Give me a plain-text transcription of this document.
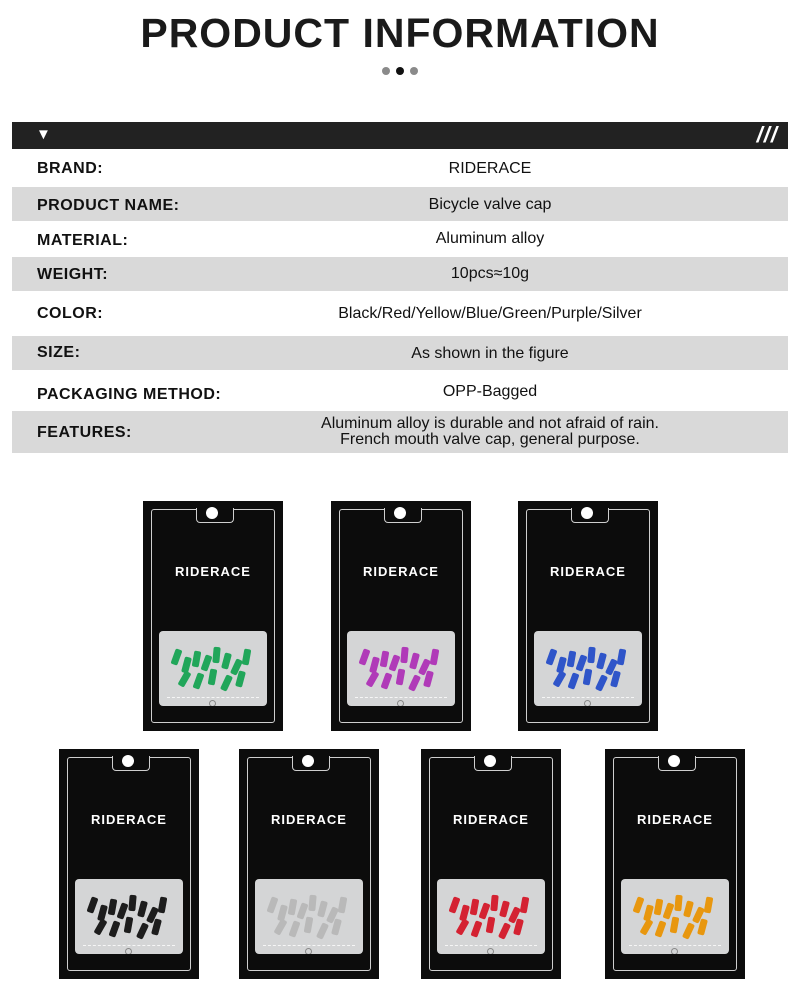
PRODUCT INFORMATION
▼	///
BRAND:	RIDERACE
PRODUCT NAME:	Bicycle valve cap
MATERIAL:	Aluminum alloy
WEIGHT:	10pcs≈10g
COLOR:	Black/Red/Yellow/Blue/Green/Purple/Silver
SIZE:	As shown in the figure
PACKAGING METHOD:	OPP-Bagged
FEATURES:
Aluminum alloy is durable and not afraid of rain.
French mouth valve cap, general purpose.
RIDERACE	RIDERACE	RIDERACE
RIDERACE	RIDERACE	RIDERACE	RIDERACE
